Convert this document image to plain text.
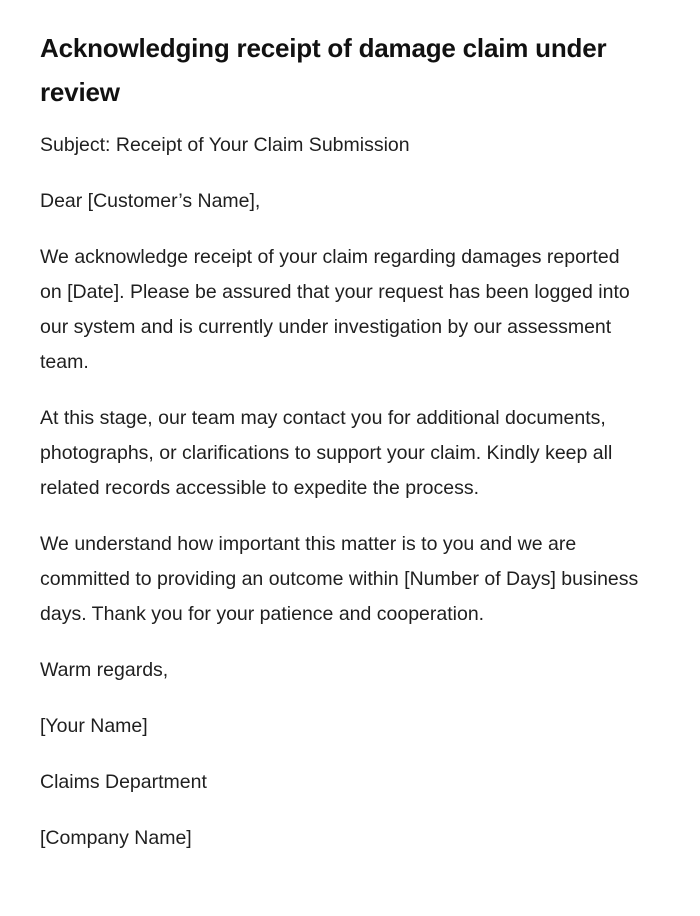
Acknowledging receipt of damage claim under review

Subject: Receipt of Your Claim Submission

Dear [Customer’s Name],

We acknowledge receipt of your claim regarding damages reported on [Date]. Please be assured that your request has been logged into our system and is currently under investigation by our assessment team.

At this stage, our team may contact you for additional documents, photographs, or clarifications to support your claim. Kindly keep all related records accessible to expedite the process.

We understand how important this matter is to you and we are committed to providing an outcome within [Number of Days] business days. Thank you for your patience and cooperation.

Warm regards,

[Your Name]

Claims Department

[Company Name]
